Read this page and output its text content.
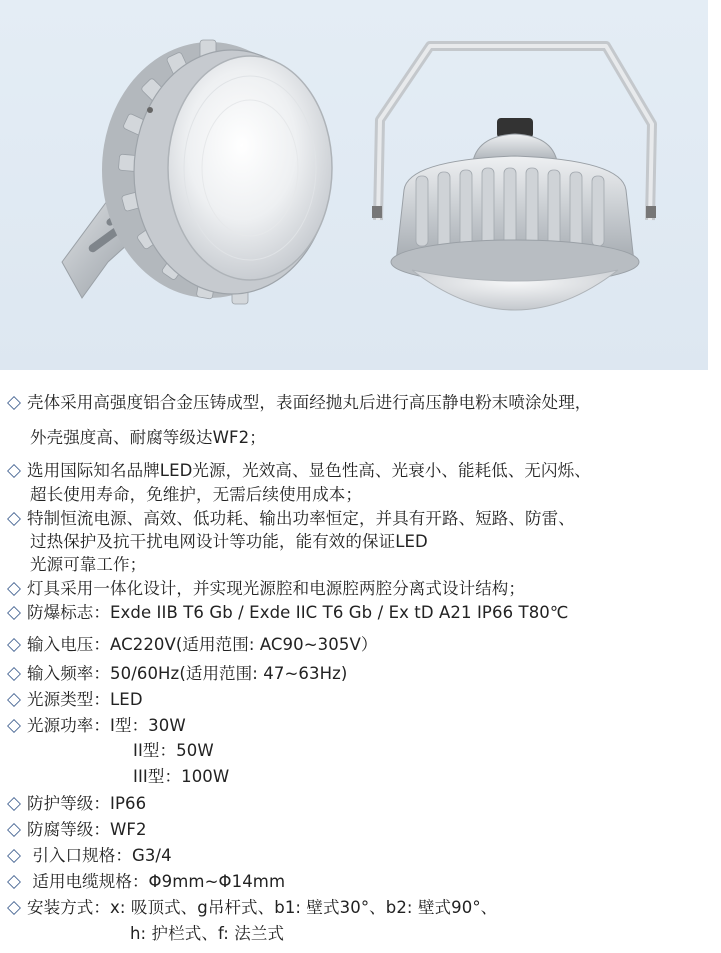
壳体采用高强度铝合金压铸成型，表面经抛丸后进行高压静电粉末喷涂处理，
外壳强度高、耐腐等级达WF2；
选用国际知名品牌LED光源，光效高、显色性高、光衰小、能耗低、无闪烁、
超长使用寿命，免维护，无需后续使用成本；
特制恒流电源、高效、低功耗、输出功率恒定，并具有开路、短路、防雷、
过热保护及抗干扰电网设计等功能，能有效的保证LED
光源可靠工作；
灯具采用一体化设计，并实现光源腔和电源腔两腔分离式设计结构；
防爆标志：Exde IIB T6 Gb / Exde IIC T6 Gb / Ex tD A21 IP66 T80℃
输入电压：AC220V(适用范围: AC90~305V）
输入频率：50/60Hz(适用范围: 47~63Hz)
光源类型：LED
光源功率：I型：30W
II型：50W
III型：100W
防护等级：IP66
防腐等级：WF2
引入口规格：G3/4
适用电缆规格：Φ9mm~Φ14mm
安装方式：x: 吸顶式、g吊杆式、b1: 壁式30°、b2: 壁式90°、
h: 护栏式、f: 法兰式
